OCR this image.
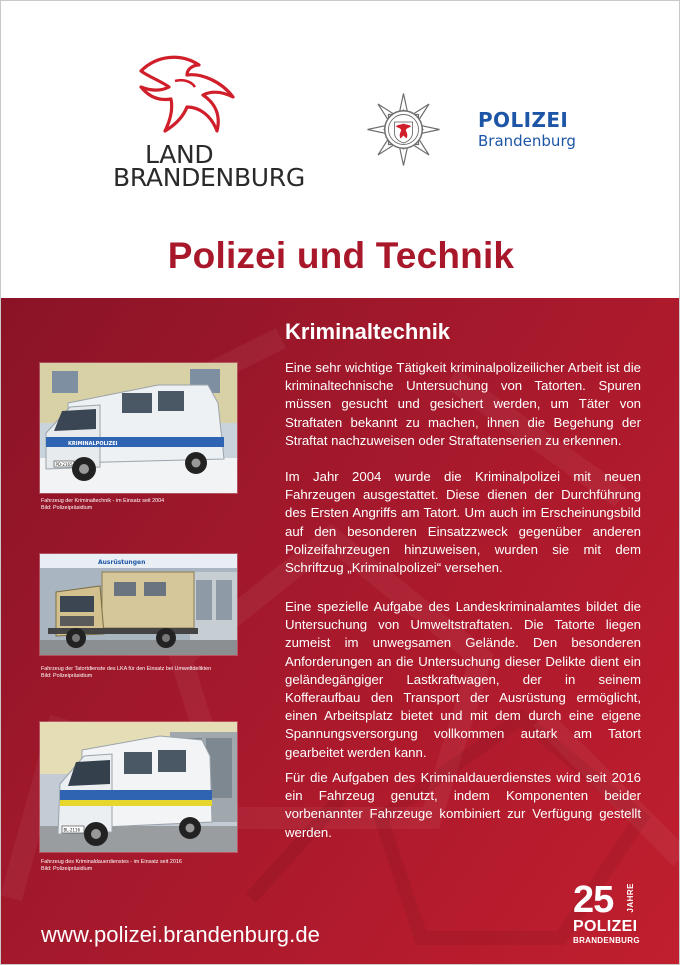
LAND
BRANDENBURG
POLIZEI
Brandenburg
Polizei und Technik
KRIMINALPOLIZEI
PD-2165
Fahrzeug der Kriminaltechnik - im Einsatz seit 2004
Bild: Polizeipräsidium
Ausrüstungen
Fahrzeug der Tatortdienste des LKA für den Einsatz bei Umweltdelikten
Bild: Polizeipräsidium
BL-2116
Fahrzeug des Kriminaldauerdienstes - im Einsatz seit 2016
Bild: Polizeipräsidium
Kriminaltechnik

Eine sehr wichtige Tätigkeit kriminalpolizeilicher Arbeit ist die kriminaltechnische Untersuchung von Tatorten. Spuren müssen gesucht und gesichert werden, um Täter von Straftaten bekannt zu machen, ihnen die Begehung der Straftat nachzuweisen oder Straftatenserien zu erkennen.

Im Jahr 2004 wurde die Kriminalpolizei mit neuen Fahrzeugen ausgestattet. Diese dienen der Durchführung des Ersten Angriffs am Tatort. Um auch im Erscheinungsbild auf den besonderen Einsatzzweck gegenüber anderen Polizeifahrzeugen hinzuweisen, wurden sie mit dem Schriftzug „Kriminalpolizei“ versehen.

Eine spezielle Aufgabe des Landeskriminalamtes bildet die Untersuchung von Umweltstraftaten. Die Tatorte liegen zumeist im unwegsamen Gelände. Den besonderen Anforderungen an die Untersuchung dieser Delikte dient ein geländegängiger Lastkraftwagen, der in seinem Kofferaufbau den Transport der Ausrüstung ermöglicht, einen Arbeitsplatz bietet und mit dem durch eine eigene Spannungsversorgung vollkommen autark am Tatort gearbeitet werden kann.

Für die Aufgaben des Kriminaldauerdienstes wird seit 2016 ein Fahrzeug genutzt, indem Komponenten beider vorbenannter Fahrzeuge kombiniert zur Verfügung gestellt werden.

www.polizei.brandenburg.de
25 JAHRE
POLIZEI
BRANDENBURG
